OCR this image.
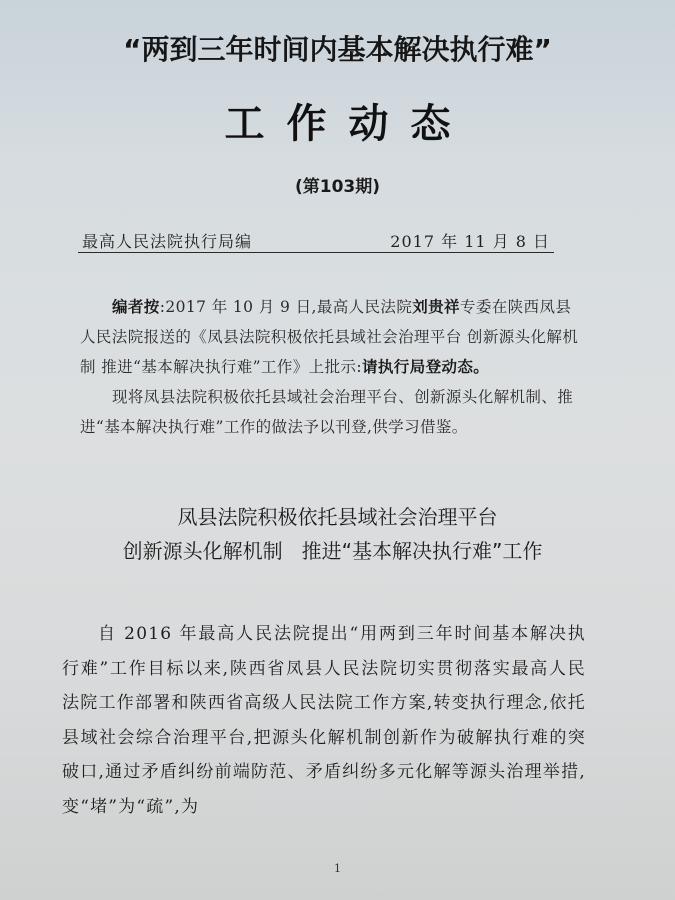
“两到三年时间内基本解决执行难”
工作动态
(第103期)
最高人民法院执行局编	2017 年 11 月 8 日

编者按:2017 年 10 月 9 日,最高人民法院刘贵祥专委在陕西凤县人民法院报送的《凤县法院积极依托县域社会治理平台 创新源头化解机制 推进“基本解决执行难”工作》上批示:请执行局登动态。

现将凤县法院积极依托县域社会治理平台、创新源头化解机制、推进“基本解决执行难”工作的做法予以刊登,供学习借鉴。

凤县法院积极依托县域社会治理平台
创新源头化解机制   推进“基本解决执行难”工作

自 2016 年最高人民法院提出“用两到三年时间基本解决执行难”工作目标以来,陕西省凤县人民法院切实贯彻落实最高人民法院工作部署和陕西省高级人民法院工作方案,转变执行理念,依托县域社会综合治理平台,把源头化解机制创新作为破解执行难的突破口,通过矛盾纠纷前端防范、矛盾纠纷多元化解等源头治理举措,变“堵”为“疏”,为

1
